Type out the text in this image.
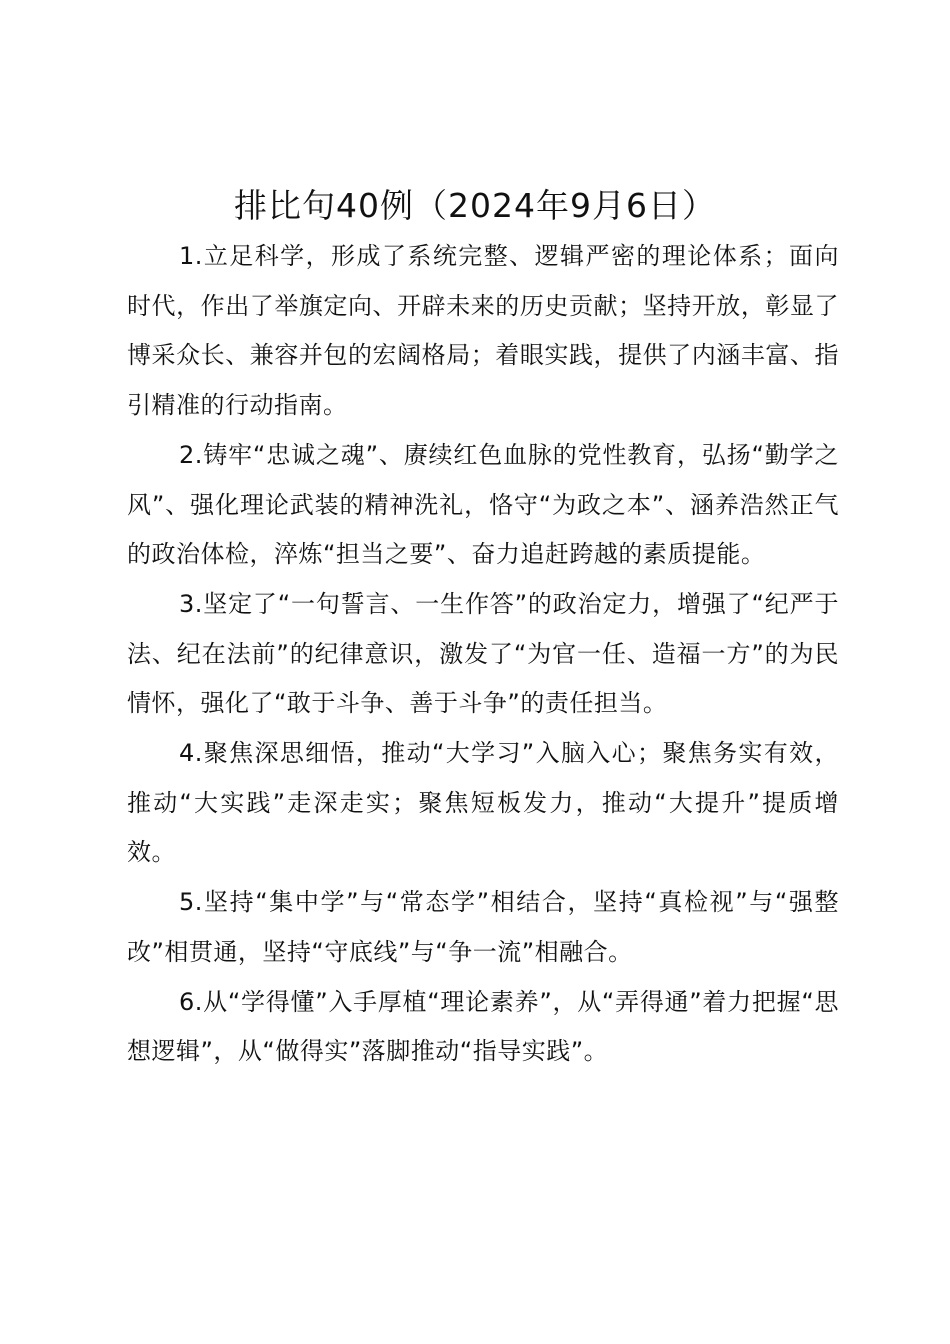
排比句40例（2024年9月6日）

1.立足科学，形成了系统完整、逻辑严密的理论体系；面向时代，作出了举旗定向、开辟未来的历史贡献；坚持开放，彰显了博采众长、兼容并包的宏阔格局；着眼实践，提供了内涵丰富、指引精准的行动指南。

2.铸牢“忠诚之魂”、赓续红色血脉的党性教育，弘扬“勤学之风”、强化理论武装的精神洗礼，恪守“为政之本”、涵养浩然正气的政治体检，淬炼“担当之要”、奋力追赶跨越的素质提能。

3.坚定了“一句誓言、一生作答”的政治定力，增强了“纪严于法、纪在法前”的纪律意识，激发了“为官一任、造福一方”的为民情怀，强化了“敢于斗争、善于斗争”的责任担当。

4.聚焦深思细悟，推动“大学习”入脑入心；聚焦务实有效，推动“大实践”走深走实；聚焦短板发力，推动“大提升”提质增效。

5.坚持“集中学”与“常态学”相结合，坚持“真检视”与“强整改”相贯通，坚持“守底线”与“争一流”相融合。

6.从“学得懂”入手厚植“理论素养”，从“弄得通”着力把握“思想逻辑”，从“做得实”落脚推动“指导实践”。
